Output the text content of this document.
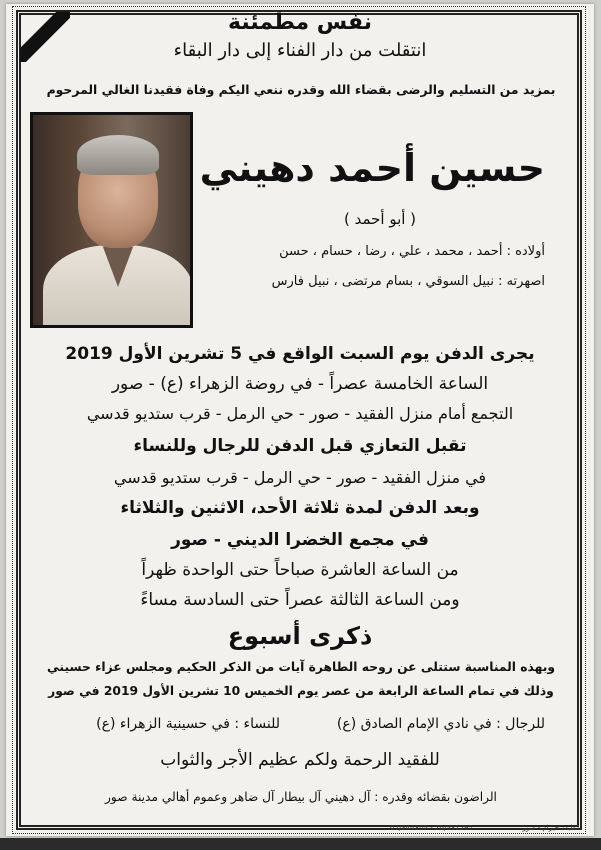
نفس مطمئنة
انتقلت من دار الفناء إلى دار البقاء
بمزيد من التسليم والرضى بقضاء الله وقدره ننعي اليكم وفاة فقيدنا الغالي المرحوم
حسين أحمد دهيني
( أبو أحمد )
أولاده : أحمد ، محمد ، علي ، رضا ، حسام ، حسن
اصهرته : نبيل السوقي ، بسام مرتضى ، نبيل فارس
يجرى الدفن يوم السبت الواقع في 5 تشرين الأول 2019
الساعة الخامسة عصراً - في روضة الزهراء (ع) - صور
التجمع أمام منزل الفقيد - صور - حي الرمل - قرب ستديو قدسي
تقبل التعازي قبل الدفن للرجال وللنساء
في منزل الفقيد - صور - حي الرمل - قرب ستديو قدسي
وبعد الدفن لمدة ثلاثة الأحد، الاثنين والثلاثاء
في مجمع الخضرا الديني - صور
من الساعة العاشرة صباحاً حتى الواحدة ظهراً
ومن الساعة الثالثة عصراً حتى السادسة مساءً
ذكرى أسبوع
وبهذه المناسبة ستتلى عن روحه الطاهرة آيات من الذكر الحكيم ومجلس عزاء حسيني
وذلك في تمام الساعة الرابعة من عصر يوم الخميس 10 تشرين الأول 2019 في صور
للرجال : في نادي الإمام الصادق (ع)
للنساء : في حسينية الزهراء (ع)
للفقيد الرحمة ولكم عظيم الأجر والثواب
الراضون بقضائه وقدره : آل دهيني آل بيطار آل ضاهر وعموم أهالي مدينة صور
مطبعة حيرام - صور
07/344305 - 70/531297
